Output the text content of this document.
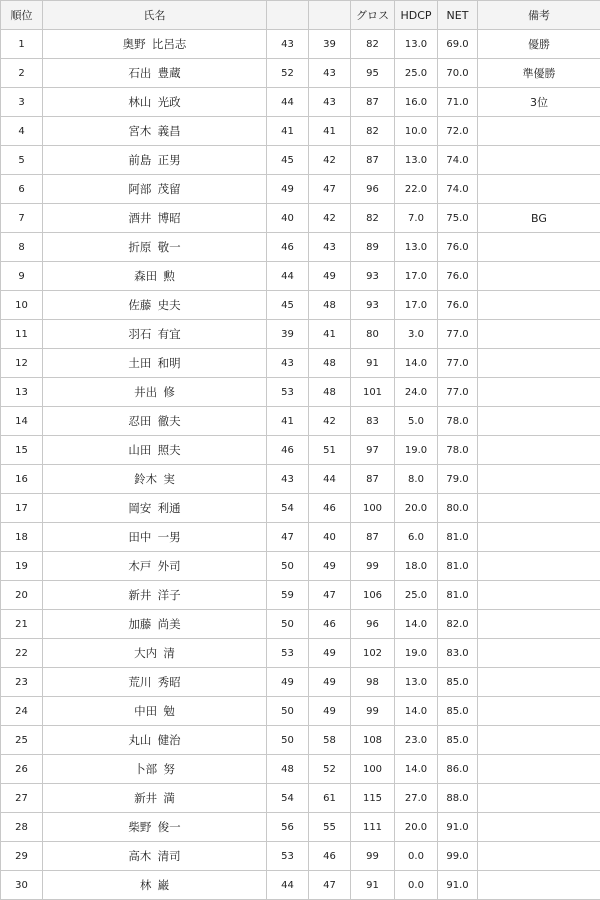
順位	氏名			グロス	HDCP	NET	備考
1	奥野 比呂志	43	39	82	13.0	69.0	優勝
2	石出 豊蔵	52	43	95	25.0	70.0	準優勝
3	林山 光政	44	43	87	16.0	71.0	3位
4	宮木 義昌	41	41	82	10.0	72.0	
5	前島 正男	45	42	87	13.0	74.0	
6	阿部 茂留	49	47	96	22.0	74.0	
7	酒井 博昭	40	42	82	7.0	75.0	BG
8	折原 敬一	46	43	89	13.0	76.0	
9	森田 勲	44	49	93	17.0	76.0	
10	佐藤 史夫	45	48	93	17.0	76.0	
11	羽石 有宜	39	41	80	3.0	77.0	
12	土田 和明	43	48	91	14.0	77.0	
13	井出 修	53	48	101	24.0	77.0	
14	忍田 徹夫	41	42	83	5.0	78.0	
15	山田 照夫	46	51	97	19.0	78.0	
16	鈴木 実	43	44	87	8.0	79.0	
17	岡安 利通	54	46	100	20.0	80.0	
18	田中 一男	47	40	87	6.0	81.0	
19	木戸 外司	50	49	99	18.0	81.0	
20	新井 洋子	59	47	106	25.0	81.0	
21	加藤 尚美	50	46	96	14.0	82.0	
22	大内 清	53	49	102	19.0	83.0	
23	荒川 秀昭	49	49	98	13.0	85.0	
24	中田 勉	50	49	99	14.0	85.0	
25	丸山 健治	50	58	108	23.0	85.0	
26	卜部 努	48	52	100	14.0	86.0	
27	新井 満	54	61	115	27.0	88.0	
28	柴野 俊一	56	55	111	20.0	91.0	
29	高木 清司	53	46	99	0.0	99.0	
30	林 巌	44	47	91	0.0	91.0	
